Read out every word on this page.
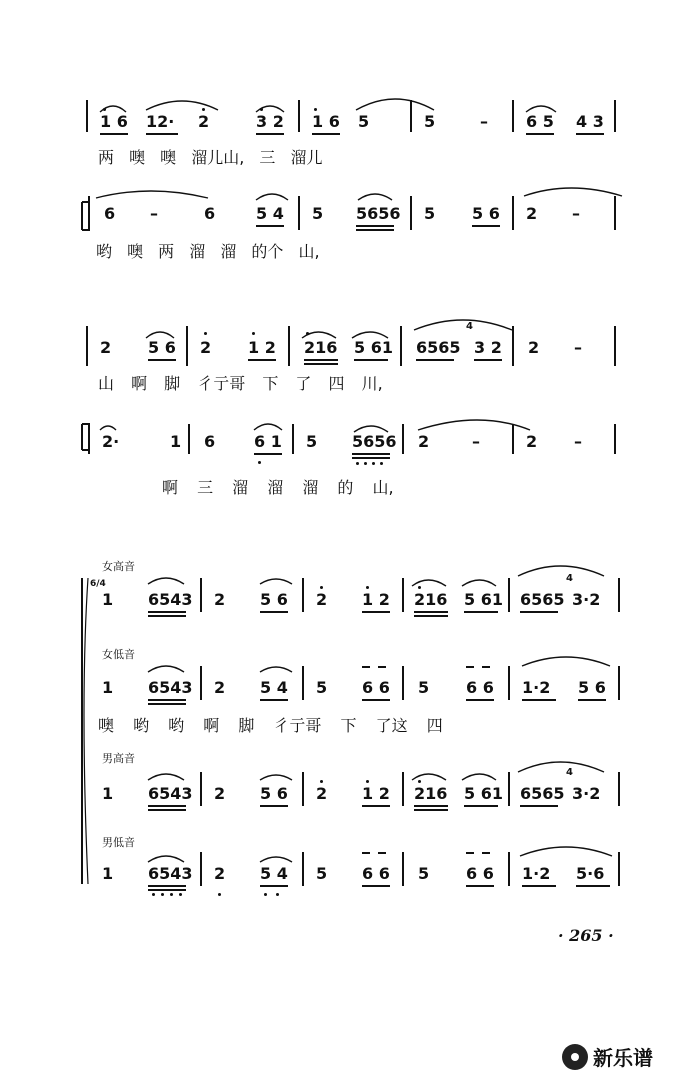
1 6 12· 2	3 2 1 6 5	5	– 6 5 4 3
两 噢 噢 溜儿山, 三 溜儿
6 –	6	5 4 5 5656 5 5 6 2 –
哟 噢 两 溜 溜 的个 山,
2 5 6 2 1 2 216 5 61 6565
4
3 2 2 –
山 啊 脚 彳亍哥 下 了 四 川,
2·	1 6 6 1 5 5656 2	–	2 –
啊 三 溜 溜 溜 的 山,
女高音
6/4
1 6543 2 5 6 2 1 2 216 5 61 6565
4
3·2
女低音
1 6543 2 5 4 5 6 6 5 6 6 1·2 5 6
噢 哟 哟 啊 脚 彳亍哥 下 了这 四
男高音
1 6543 2 5 6 2 1 2 216 5 61 6565
4
3·2
男低音
1 6543 2 5 4 5 6 6 5 6 6 1·2 5·6
· 265 ·
新乐谱
